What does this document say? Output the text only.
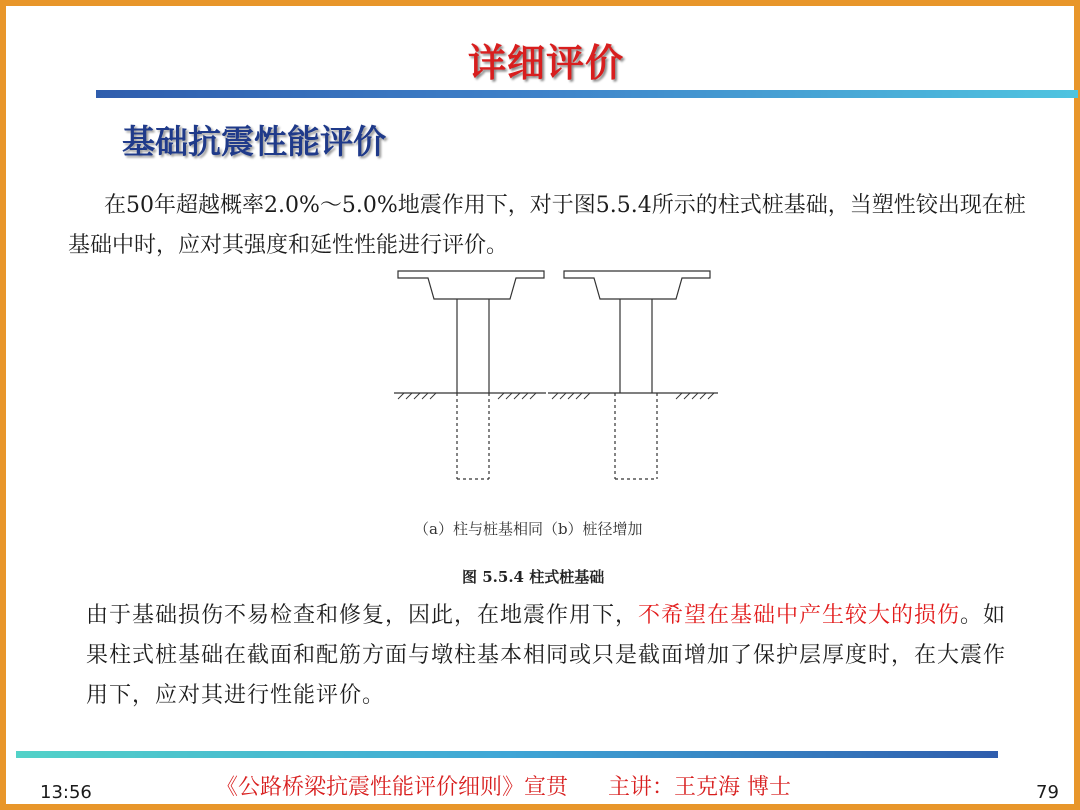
详细评价
基础抗震性能评价
在50年超越概率2.0%～5.0%地震作用下，对于图5.5.4所示的柱式桩基础，当塑性铰出现在桩基础中时，应对其强度和延性性能进行评价。
（a）柱与桩基相同（b）桩径增加
图 5.5.4 柱式桩基础
由于基础损伤不易检查和修复，因此，在地震作用下，不希望在基础中产生较大的损伤。如果柱式桩基础在截面和配筋方面与墩柱基本相同或只是截面增加了保护层厚度时，在大震作用下，应对其进行性能评价。
13:56	《公路桥梁抗震性能评价细则》宣贯 主讲：王克海 博士	79
